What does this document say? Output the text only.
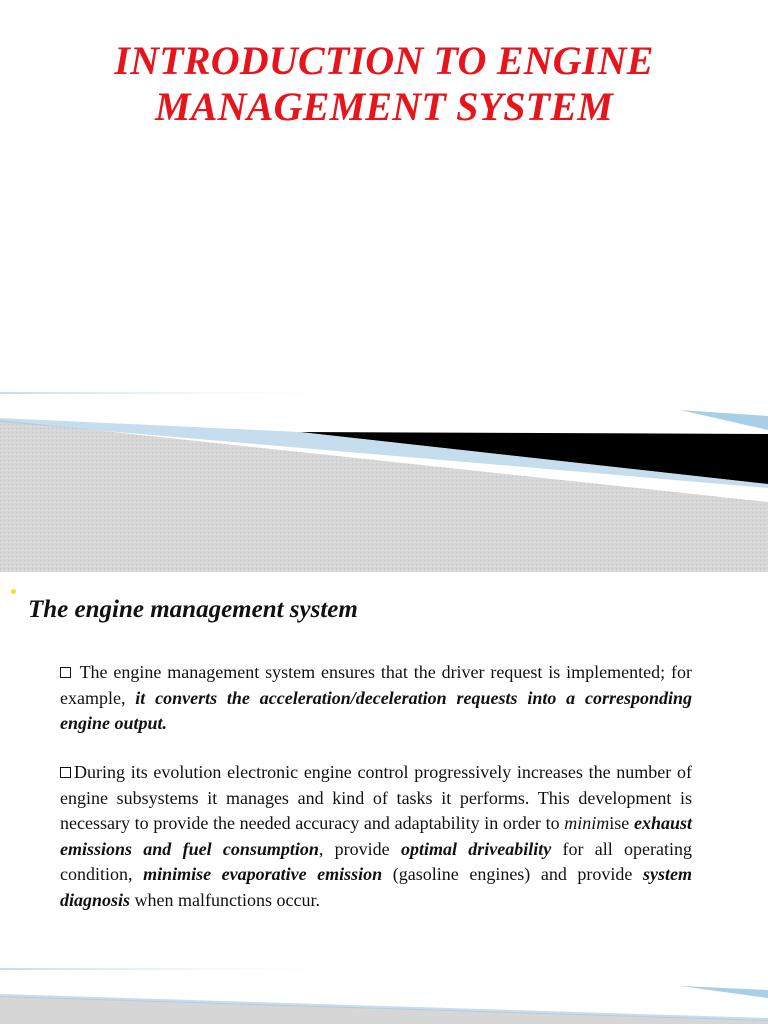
INTRODUCTION TO ENGINE
MANAGEMENT SYSTEM
The engine management system
The engine management system ensures that the driver request is implemented; for example, it converts the acceleration/deceleration requests into a corresponding engine output.
During its evolution electronic engine control progressively increases the number of engine subsystems it manages and kind of tasks it performs. This development is necessary to provide the needed accuracy and adaptability in order to minimise exhaust emissions and fuel consumption, provide optimal driveability for all operating condition, minimise evaporative emission (gasoline engines) and provide system diagnosis when malfunctions occur.
